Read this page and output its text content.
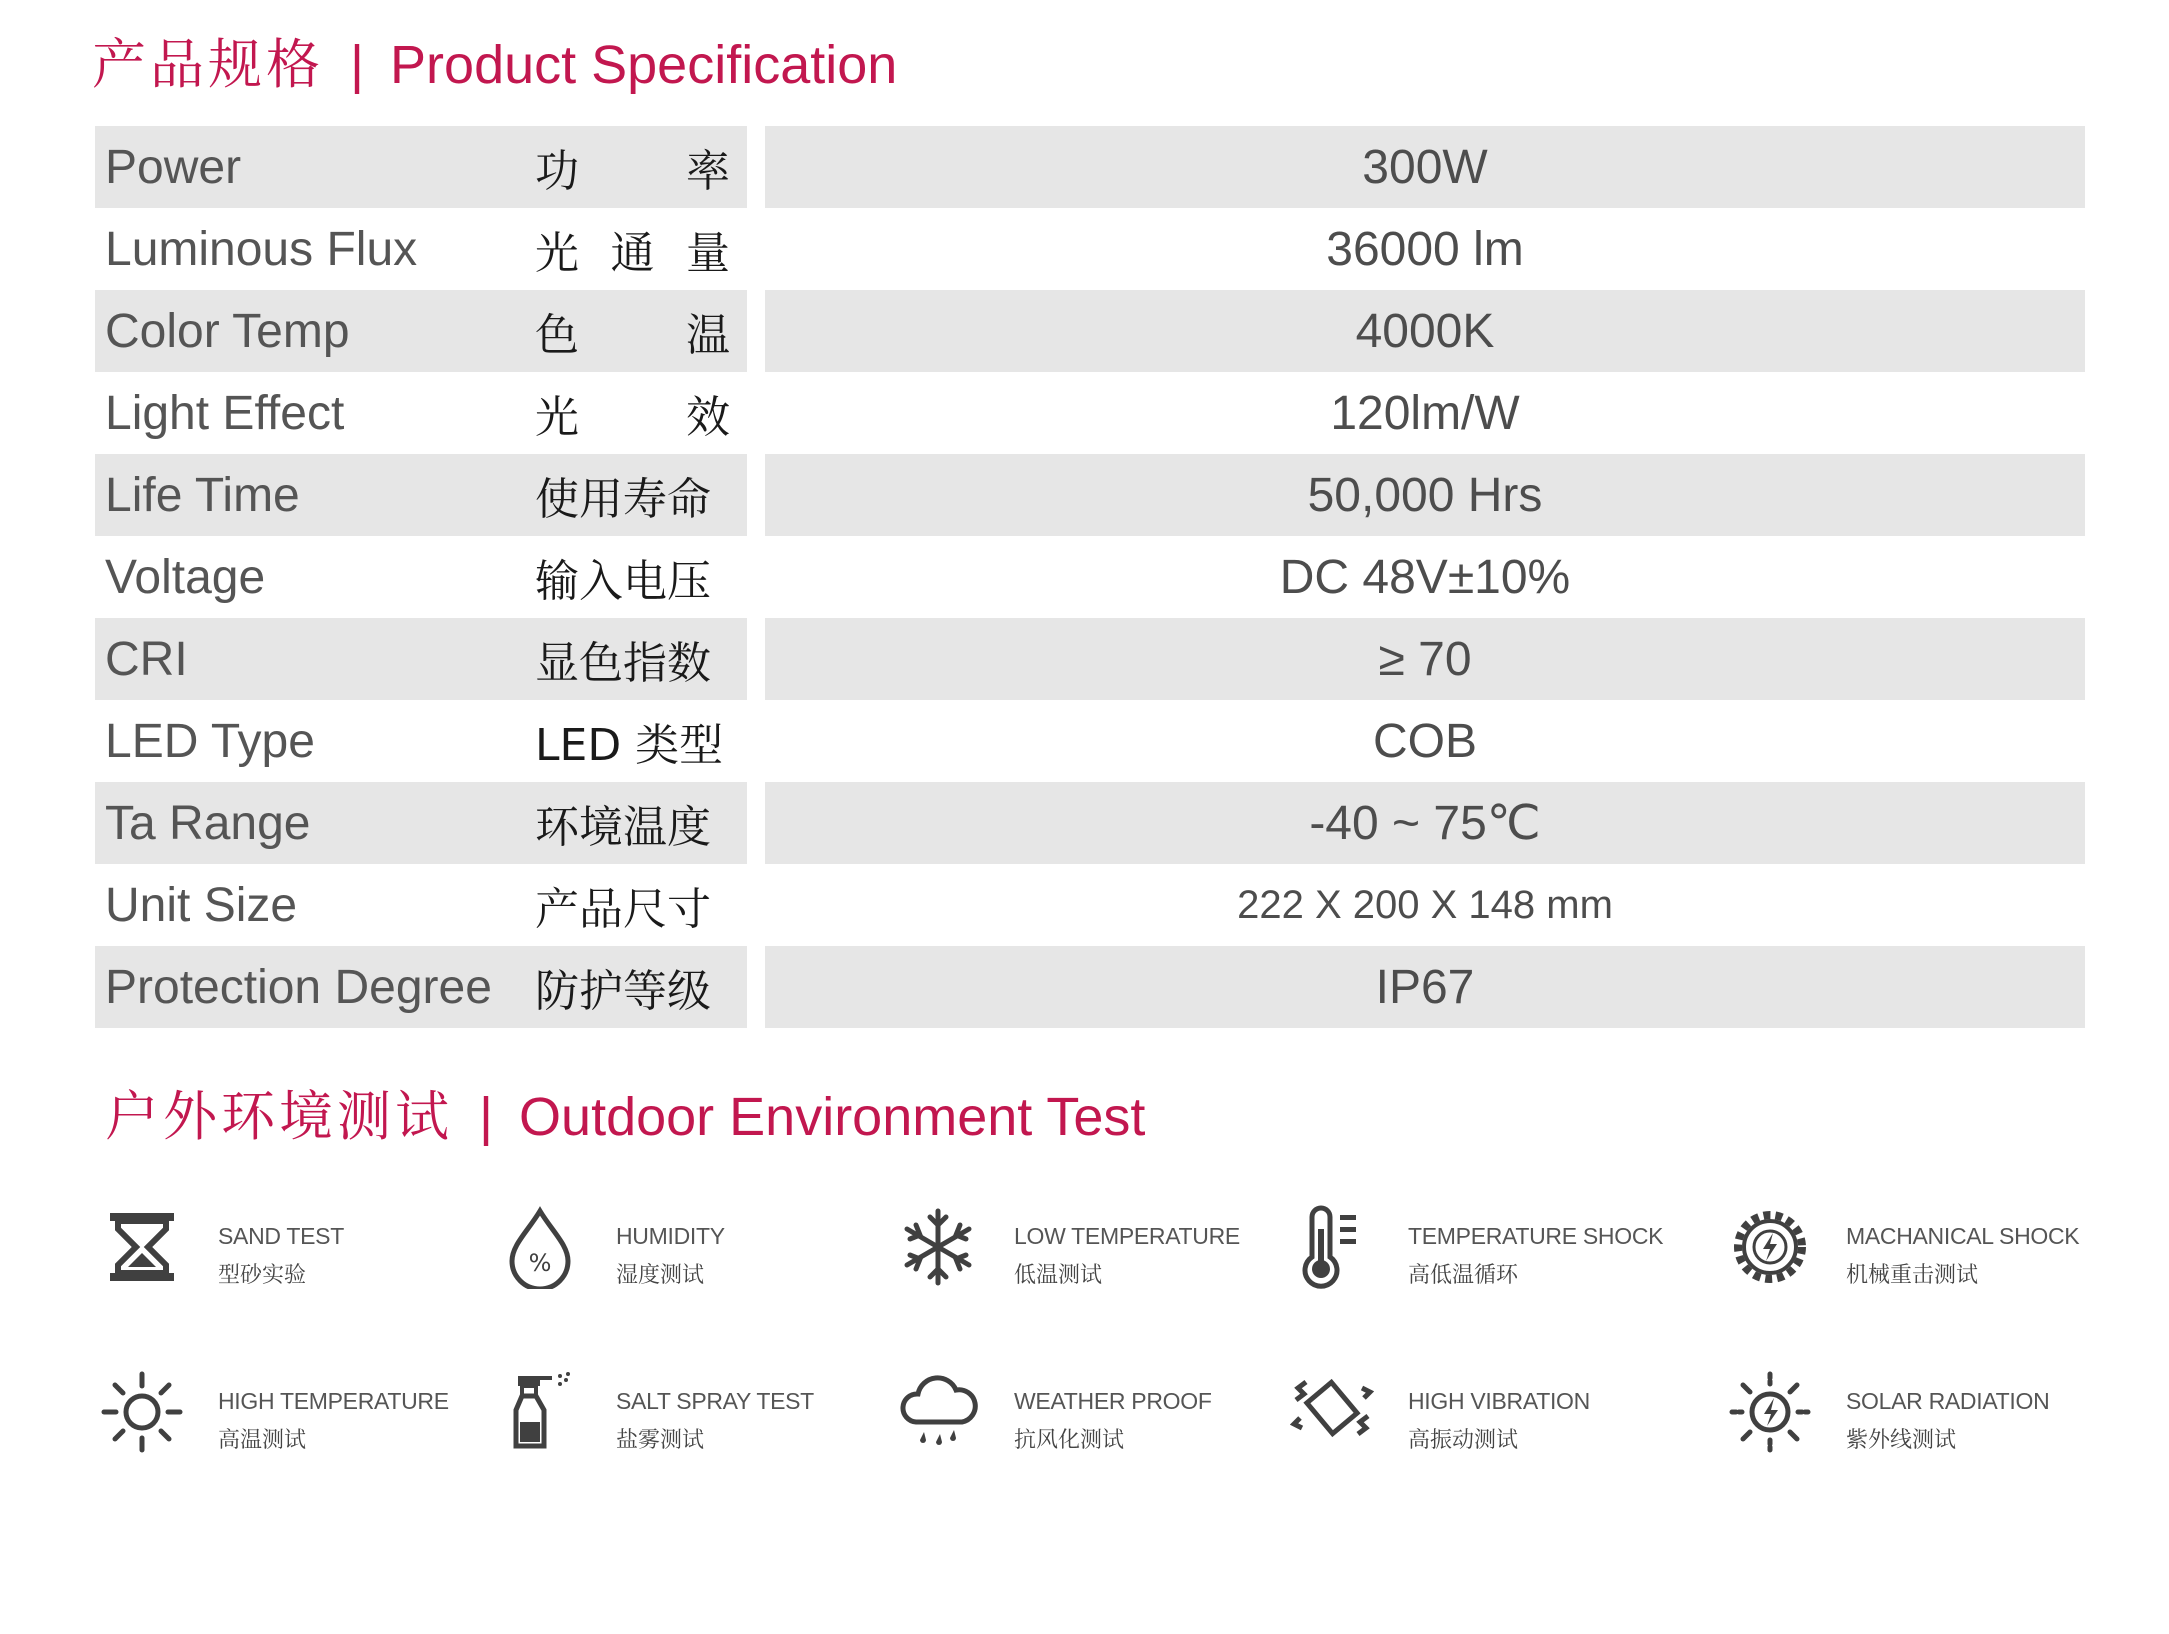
产品规格 | Product Specification
Power	功 率	300W
Luminous Flux	光 通 量	36000 lm
Color Temp	色 温	4000K
Light Effect	光 效	120lm/W
Life Time	使用寿命	50,000 Hrs
Voltage	输入电压	DC 48V±10%
CRI	显色指数	≥ 70
LED Type	LED 类型	COB
Ta Range	环境温度	-40 ~ 75℃
Unit Size	产品尺寸	222 X 200 X 148 mm
Protection Degree 防护等级	IP67
户外环境测试 | Outdoor Environment Test
SAND TEST
型砂实验	%
HUMIDITY
湿度测试
LOW TEMPERATURE
低温测试
TEMPERATURE SHOCK
高低温循环
MACHANICAL SHOCK
机械重击测试
HIGH TEMPERATURE
高温测试
SALT SPRAY TEST
盐雾测试
WEATHER PROOF
抗风化测试
HIGH VIBRATION
高振动测试
SOLAR RADIATION
紫外线测试
